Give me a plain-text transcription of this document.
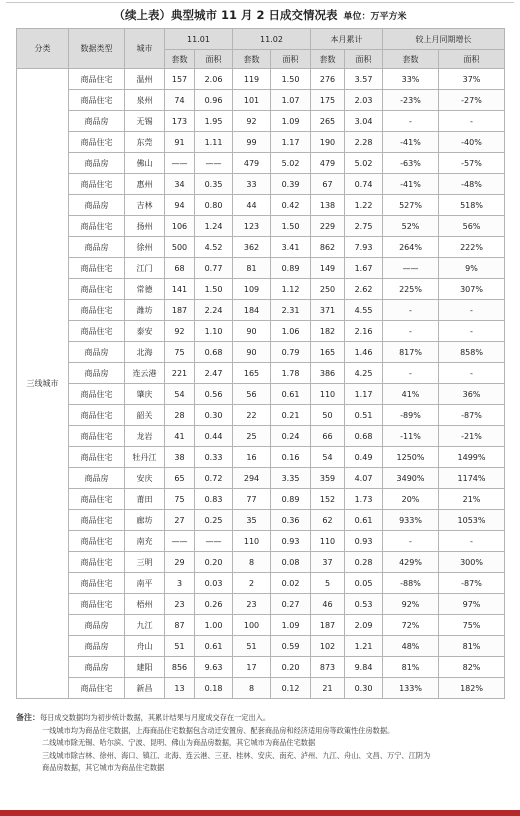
（续上表）典型城市 11 月 2 日成交情况表 单位：万平方米
分类	数据类型	城市	11.01		11.02		本月累计		较上月同期增长	
			套数	面积	套数	面积	套数	面积	套数	面积
三线城市	商品住宅	温州	157	2.06	119	1.50	276	3.57	33%	37%
	商品住宅	泉州	74	0.96	101	1.07	175	2.03	-23%	-27%
	商品房	无锡	173	1.95	92	1.09	265	3.04	-	-
	商品住宅	东莞	91	1.11	99	1.17	190	2.28	-41%	-40%
	商品房	佛山	——	——	479	5.02	479	5.02	-63%	-57%
	商品住宅	惠州	34	0.35	33	0.39	67	0.74	-41%	-48%
	商品房	吉林	94	0.80	44	0.42	138	1.22	527%	518%
	商品住宅	扬州	106	1.24	123	1.50	229	2.75	52%	56%
	商品房	徐州	500	4.52	362	3.41	862	7.93	264%	222%
	商品住宅	江门	68	0.77	81	0.89	149	1.67	——	9%
	商品住宅	常德	141	1.50	109	1.12	250	2.62	225%	307%
	商品住宅	潍坊	187	2.24	184	2.31	371	4.55	-	-
	商品住宅	泰安	92	1.10	90	1.06	182	2.16	-	-
	商品房	北海	75	0.68	90	0.79	165	1.46	817%	858%
	商品房	连云港	221	2.47	165	1.78	386	4.25	-	-
	商品住宅	肇庆	54	0.56	56	0.61	110	1.17	41%	36%
	商品住宅	韶关	28	0.30	22	0.21	50	0.51	-89%	-87%
	商品住宅	龙岩	41	0.44	25	0.24	66	0.68	-11%	-21%
	商品住宅	牡丹江	38	0.33	16	0.16	54	0.49	1250%	1499%
	商品房	安庆	65	0.72	294	3.35	359	4.07	3490%	1174%
	商品住宅	莆田	75	0.83	77	0.89	152	1.73	20%	21%
	商品住宅	廊坊	27	0.25	35	0.36	62	0.61	933%	1053%
	商品住宅	南充	——	——	110	0.93	110	0.93	-	-
	商品住宅	三明	29	0.20	8	0.08	37	0.28	429%	300%
	商品住宅	南平	3	0.03	2	0.02	5	0.05	-88%	-87%
	商品住宅	梧州	23	0.26	23	0.27	46	0.53	92%	97%
	商品房	九江	87	1.00	100	1.09	187	2.09	72%	75%
	商品房	舟山	51	0.61	51	0.59	102	1.21	48%	81%
	商品房	建阳	856	9.63	17	0.20	873	9.84	81%	82%
	商品住宅	新昌	13	0.18	8	0.12	21	0.30	133%	182%

备注：每日成交数据均为初步统计数据，其累计结果与月度成交存在一定出入。

一线城市均为商品住宅数据，上海商品住宅数据包含动迁安置房、配套商品房和经济适用房等政策性住房数据。

二线城市除无锡、哈尔滨、宁波、昆明、佛山为商品房数据，其它城市为商品住宅数据

三线城市除吉林、徐州、海口、镇江、北海、连云港、三亚、桂林、安庆、南充、泸州、九江、舟山、文昌、万宁、江阴为

商品房数据，其它城市为商品住宅数据
